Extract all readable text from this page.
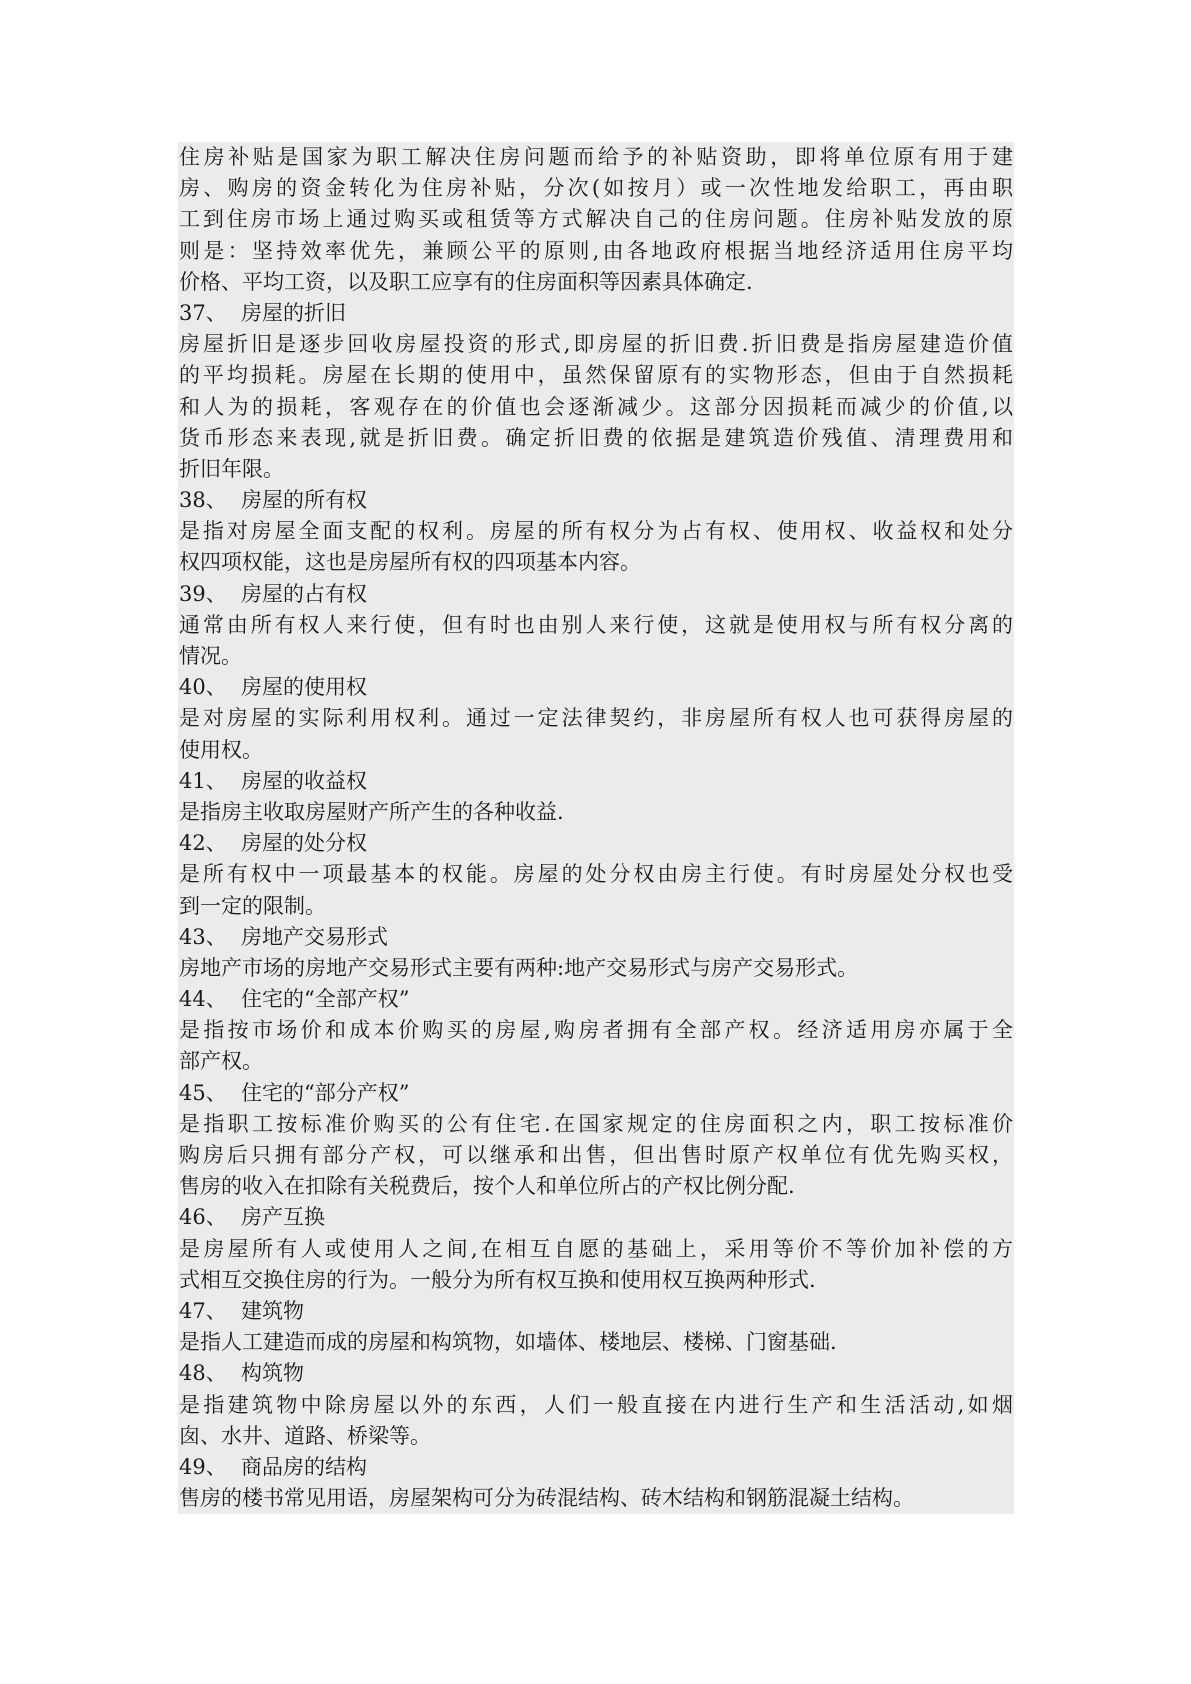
住房补贴是国家为职工解决住房问题而给予的补贴资助，即将单位原有用于建
房、购房的资金转化为住房补贴，分次(如按月）或一次性地发给职工，再由职
工到住房市场上通过购买或租赁等方式解决自己的住房问题。住房补贴发放的原
则是：坚持效率优先，兼顾公平的原则,由各地政府根据当地经济适用住房平均
价格、平均工资，以及职工应享有的住房面积等因素具体确定.
37、 房屋的折旧
房屋折旧是逐步回收房屋投资的形式,即房屋的折旧费.折旧费是指房屋建造价值
的平均损耗。房屋在长期的使用中，虽然保留原有的实物形态，但由于自然损耗
和人为的损耗，客观存在的价值也会逐渐减少。这部分因损耗而减少的价值,以
货币形态来表现,就是折旧费。确定折旧费的依据是建筑造价残值、清理费用和
折旧年限。
38、 房屋的所有权
是指对房屋全面支配的权利。房屋的所有权分为占有权、使用权、收益权和处分
权四项权能，这也是房屋所有权的四项基本内容。
39、 房屋的占有权
通常由所有权人来行使，但有时也由别人来行使，这就是使用权与所有权分离的
情况。
40、 房屋的使用权
是对房屋的实际利用权利。通过一定法律契约，非房屋所有权人也可获得房屋的
使用权。
41、 房屋的收益权
是指房主收取房屋财产所产生的各种收益.
42、 房屋的处分权
是所有权中一项最基本的权能。房屋的处分权由房主行使。有时房屋处分权也受
到一定的限制。
43、 房地产交易形式
房地产市场的房地产交易形式主要有两种:地产交易形式与房产交易形式。
44、 住宅的“全部产权”
是指按市场价和成本价购买的房屋,购房者拥有全部产权。经济适用房亦属于全
部产权。
45、 住宅的“部分产权”
是指职工按标准价购买的公有住宅.在国家规定的住房面积之内，职工按标准价
购房后只拥有部分产权，可以继承和出售，但出售时原产权单位有优先购买权，
售房的收入在扣除有关税费后，按个人和单位所占的产权比例分配.
46、 房产互换
是房屋所有人或使用人之间,在相互自愿的基础上，采用等价不等价加补偿的方
式相互交换住房的行为。一般分为所有权互换和使用权互换两种形式.
47、 建筑物
是指人工建造而成的房屋和构筑物，如墙体、楼地层、楼梯、门窗基础.
48、 构筑物
是指建筑物中除房屋以外的东西，人们一般直接在内进行生产和生活活动,如烟
囱、水井、道路、桥梁等。
49、 商品房的结构
售房的楼书常见用语，房屋架构可分为砖混结构、砖木结构和钢筋混凝土结构。
